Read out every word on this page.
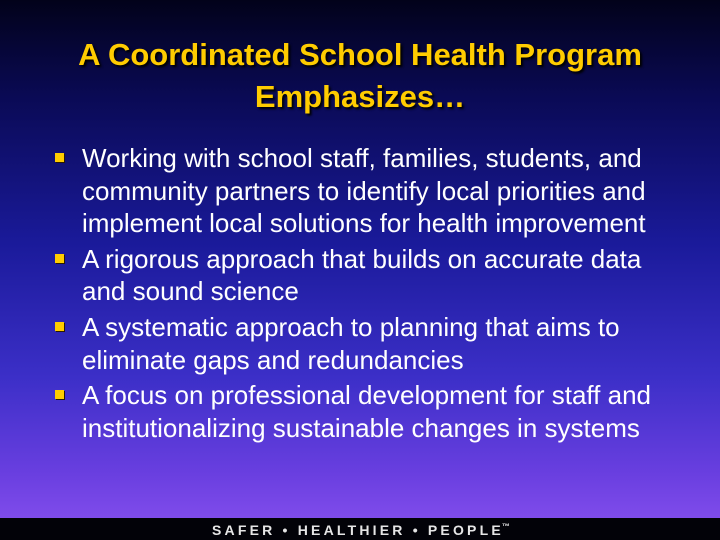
A Coordinated School Health Program
Emphasizes…
Working with school staff, families, students, and community partners to identify local priorities and implement local solutions for health improvement
A rigorous approach that builds on accurate data and sound science
A systematic approach to planning that aims to eliminate gaps and redundancies
A focus on professional development for staff and institutionalizing sustainable changes in systems
SAFER • HEALTHIER • PEOPLE™
